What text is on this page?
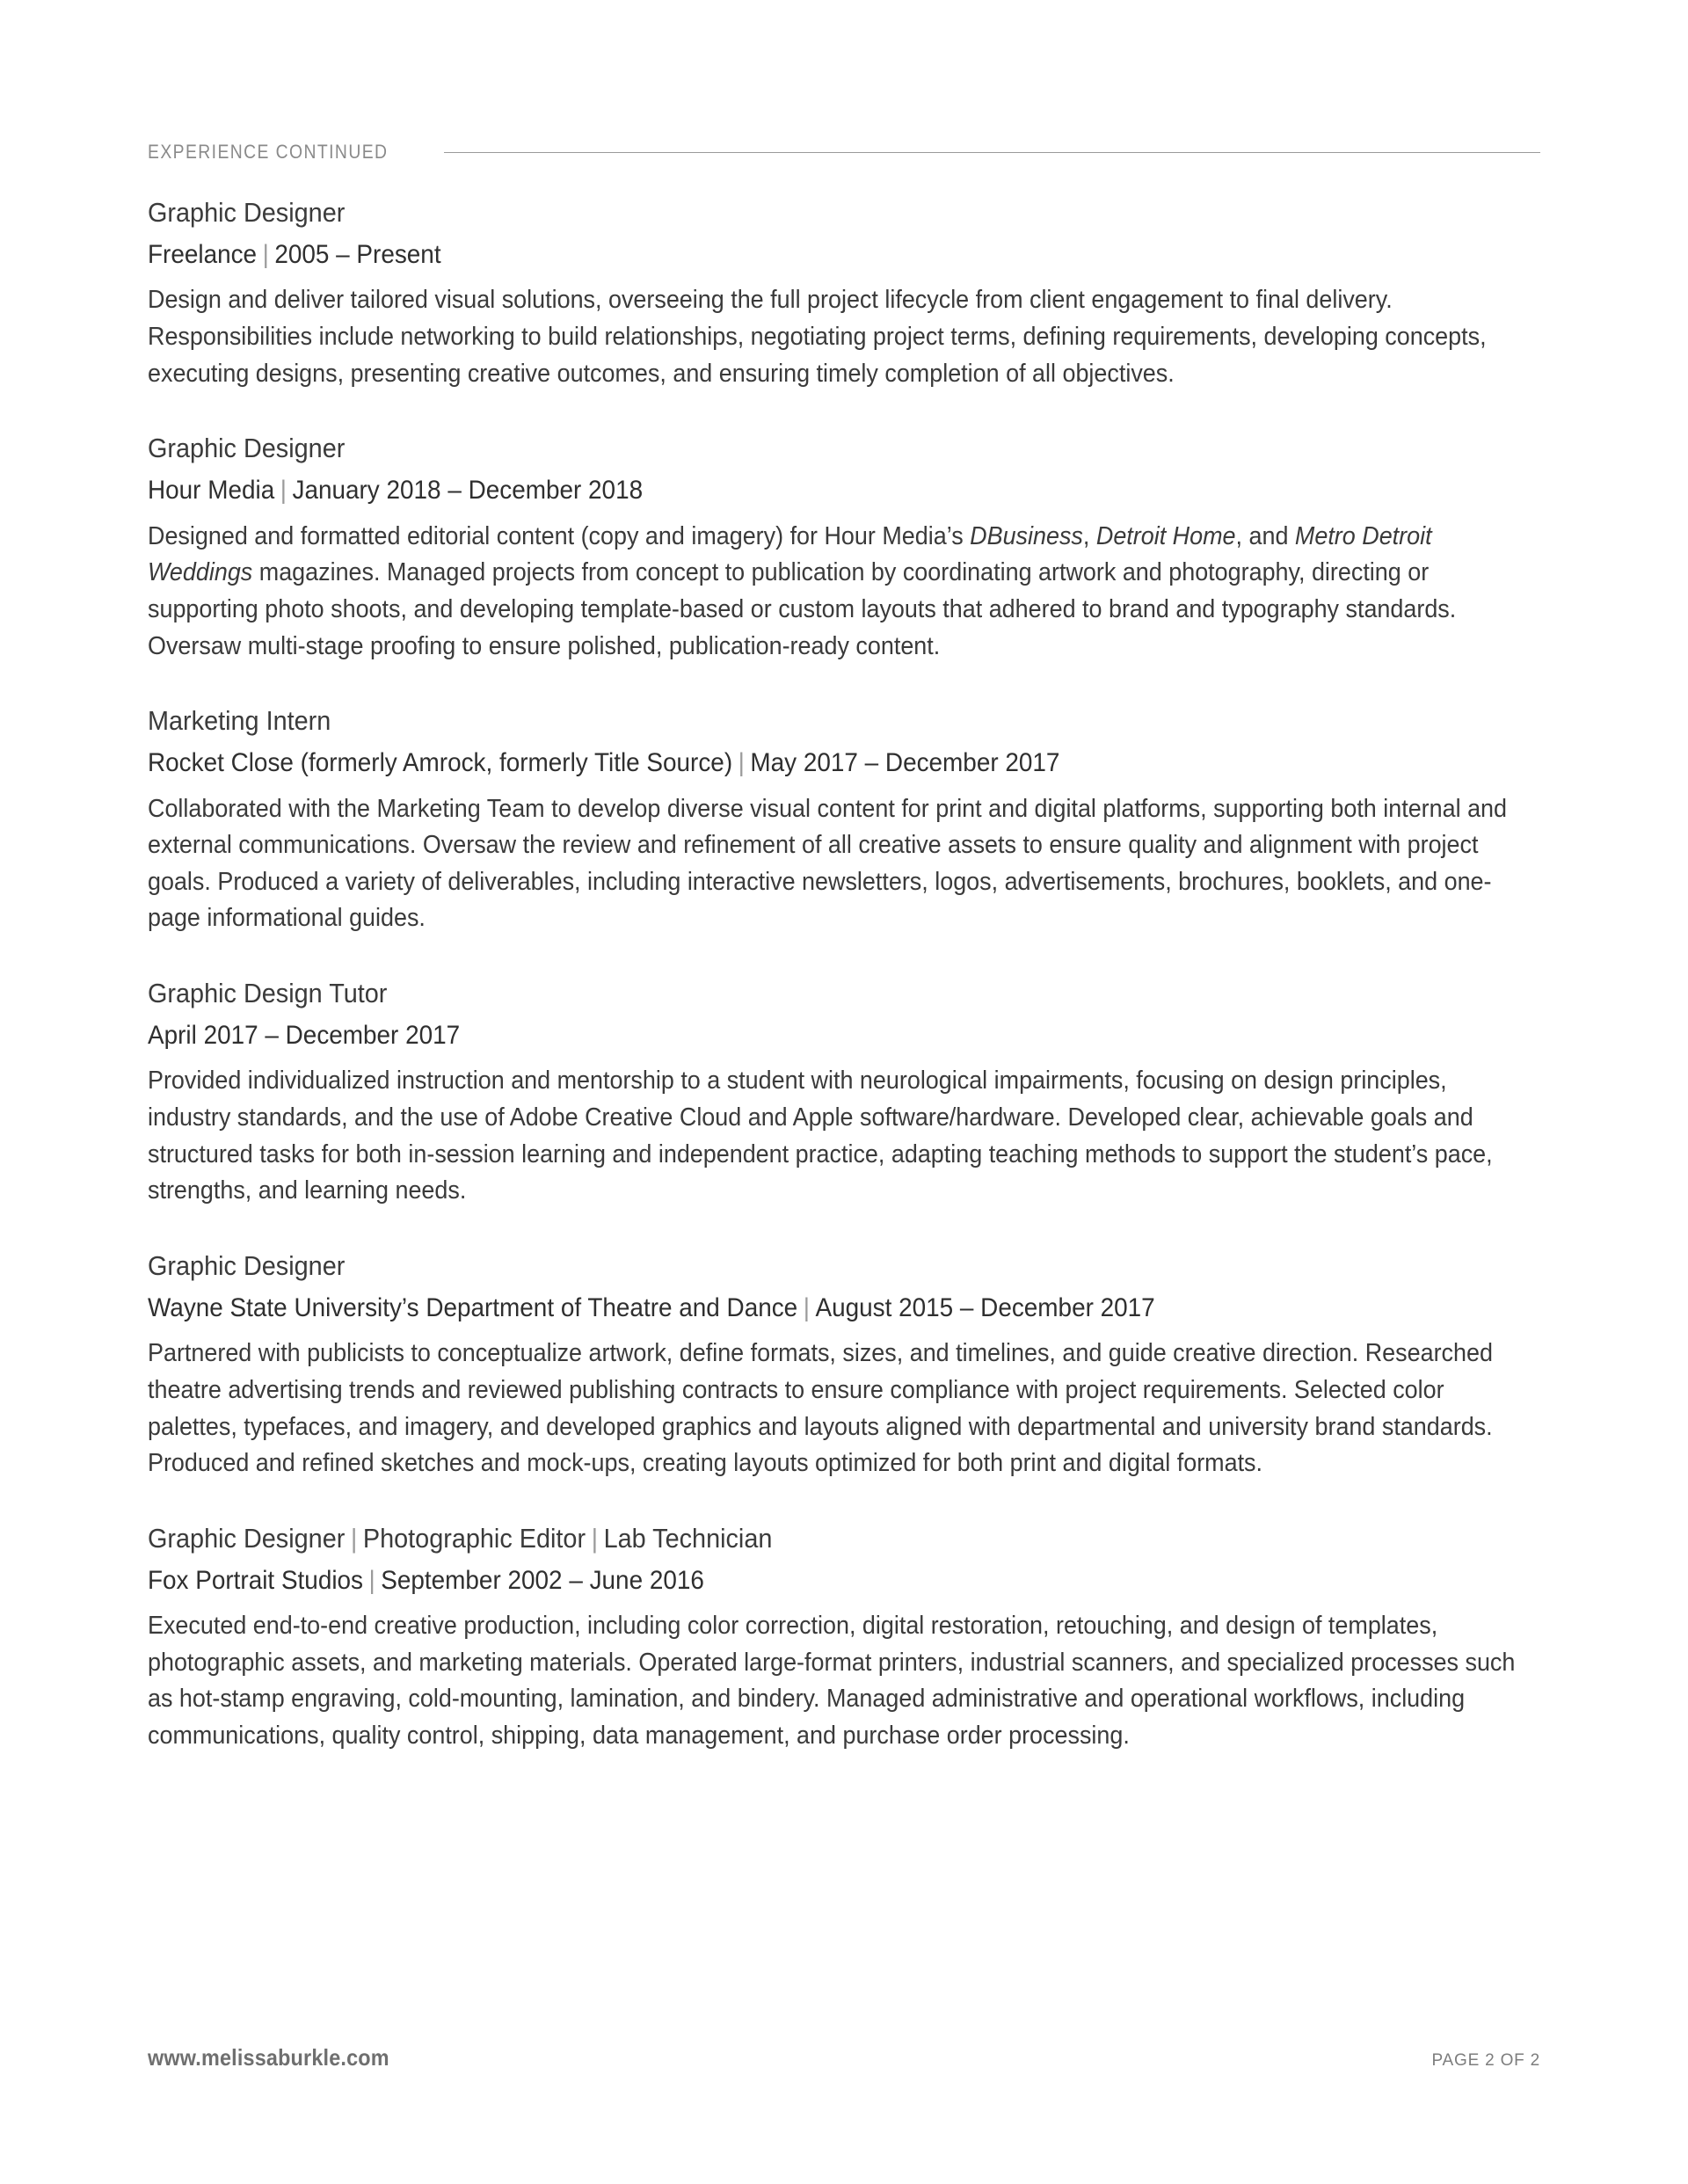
EXPERIENCE CONTINUED
Graphic Designer
Freelance | 2005 – Present

Design and deliver tailored visual solutions, overseeing the full project lifecycle from client engagement to final delivery. Responsibilities include networking to build relationships, negotiating project terms, defining requirements, developing concepts, executing designs, presenting creative outcomes, and ensuring timely completion of all objectives.

Graphic Designer
Hour Media | January 2018 – December 2018

Designed and formatted editorial content (copy and imagery) for Hour Media’s DBusiness, Detroit Home, and Metro Detroit Weddings magazines. Managed projects from concept to publication by coordinating artwork and photography, directing or supporting photo shoots, and developing template-based or custom layouts that adhered to brand and typography standards. Oversaw multi-stage proofing to ensure polished, publication-ready content.

Marketing Intern
Rocket Close (formerly Amrock, formerly Title Source) | May 2017 – December 2017

Collaborated with the Marketing Team to develop diverse visual content for print and digital platforms, supporting both internal and external communications. Oversaw the review and refinement of all creative assets to ensure quality and alignment with project goals. Produced a variety of deliverables, including interactive newsletters, logos, advertisements, brochures, booklets, and one-page informational guides.

Graphic Design Tutor
April 2017 – December 2017

Provided individualized instruction and mentorship to a student with neurological impairments, focusing on design principles, industry standards, and the use of Adobe Creative Cloud and Apple software/hardware. Developed clear, achievable goals and structured tasks for both in-session learning and independent practice, adapting teaching methods to support the student’s pace, strengths, and learning needs.

Graphic Designer
Wayne State University’s Department of Theatre and Dance | August 2015 – December 2017

Partnered with publicists to conceptualize artwork, define formats, sizes, and timelines, and guide creative direction. Researched theatre advertising trends and reviewed publishing contracts to ensure compliance with project requirements. Selected color palettes, typefaces, and imagery, and developed graphics and layouts aligned with departmental and university brand standards. Produced and refined sketches and mock-ups, creating layouts optimized for both print and digital formats.

Graphic Designer | Photographic Editor | Lab Technician
Fox Portrait Studios | September 2002 – June 2016

Executed end-to-end creative production, including color correction, digital restoration, retouching, and design of templates, photographic assets, and marketing materials. Operated large-format printers, industrial scanners, and specialized processes such as hot-stamp engraving, cold-mounting, lamination, and bindery. Managed administrative and operational workflows, including communications, quality control, shipping, data management, and purchase order processing.

www.melissaburkle.com	PAGE 2 OF 2
